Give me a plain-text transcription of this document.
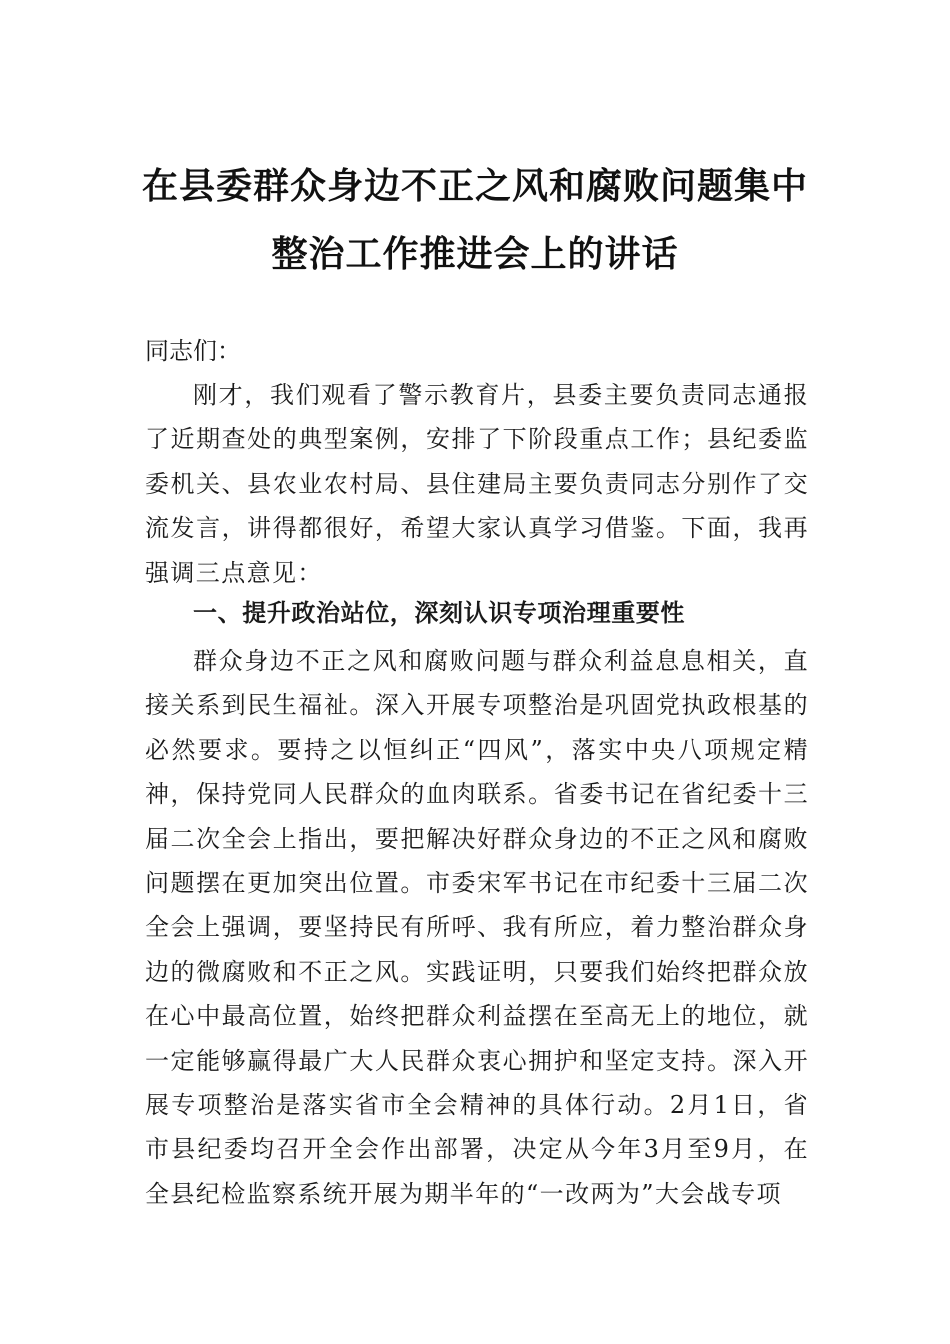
在县委群众身边不正之风和腐败问题集中
整治工作推进会上的讲话
同志们：

刚才，我们观看了警示教育片，县委主要负责同志通报了近期查处的典型案例，安排了下阶段重点工作；县纪委监委机关、县农业农村局、县住建局主要负责同志分别作了交流发言，讲得都很好，希望大家认真学习借鉴。下面，我再强调三点意见：

一、提升政治站位，深刻认识专项治理重要性

群众身边不正之风和腐败问题与群众利益息息相关，直接关系到民生福祉。深入开展专项整治是巩固党执政根基的必然要求。要持之以恒纠正“四风”，落实中央八项规定精神，保持党同人民群众的血肉联系。省委书记在省纪委十三届二次全会上指出，要把解决好群众身边的不正之风和腐败问题摆在更加突出位置。市委宋军书记在市纪委十三届二次全会上强调，要坚持民有所呼、我有所应，着力整治群众身边的微腐败和不正之风。实践证明，只要我们始终把群众放在心中最高位置，始终把群众利益摆在至高无上的地位，就一定能够赢得最广大人民群众衷心拥护和坚定支持。深入开展专项整治是落实省市全会精神的具体行动。2月1日，省市县纪委均召开全会作出部署，决定从今年3月至9月，在全县纪检监察系统开展为期半年的“一改两为”大会战专项
